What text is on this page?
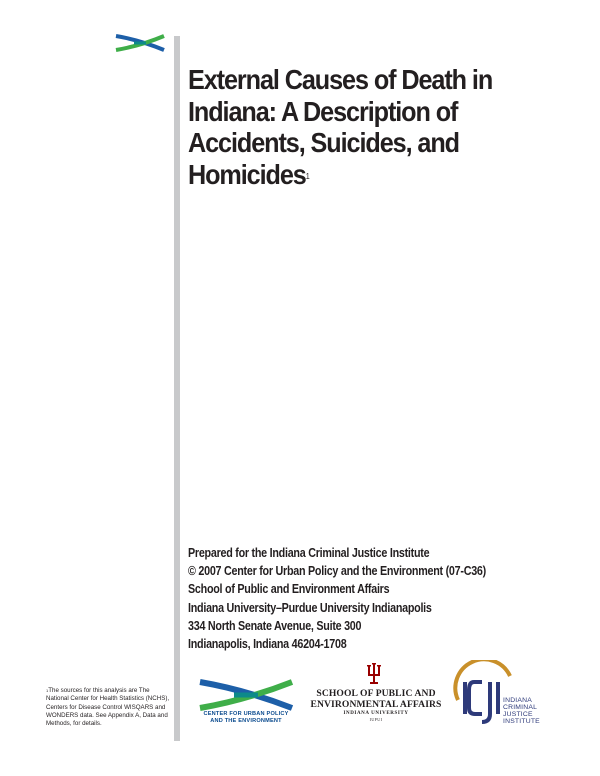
External Causes of Death in Indiana: A Description of Accidents, Suicides, and Homicides$^1$
Prepared for the Indiana Criminal Justice Institute
© 2007 Center for Urban Policy and the Environment (07-C36)
School of Public and Environment Affairs
Indiana University–Purdue University Indianapolis
334 North Senate Avenue, Suite 300
Indianapolis, Indiana 46204-1708
$^1$The sources for this analysis are The National Center for Health Statistics (NCHS), Centers for Disease Control WISQARS and WONDERS data. See Appendix A, Data and Methods, for details.
CENTER FOR URBAN POLICY
AND THE ENVIRONMENT
SCHOOL OF PUBLIC AND
ENVIRONMENTAL AFFAIRS
INDIANA UNIVERSITY
IUPUI
INDIANA
CRIMINAL
JUSTICE
INSTITUTE
